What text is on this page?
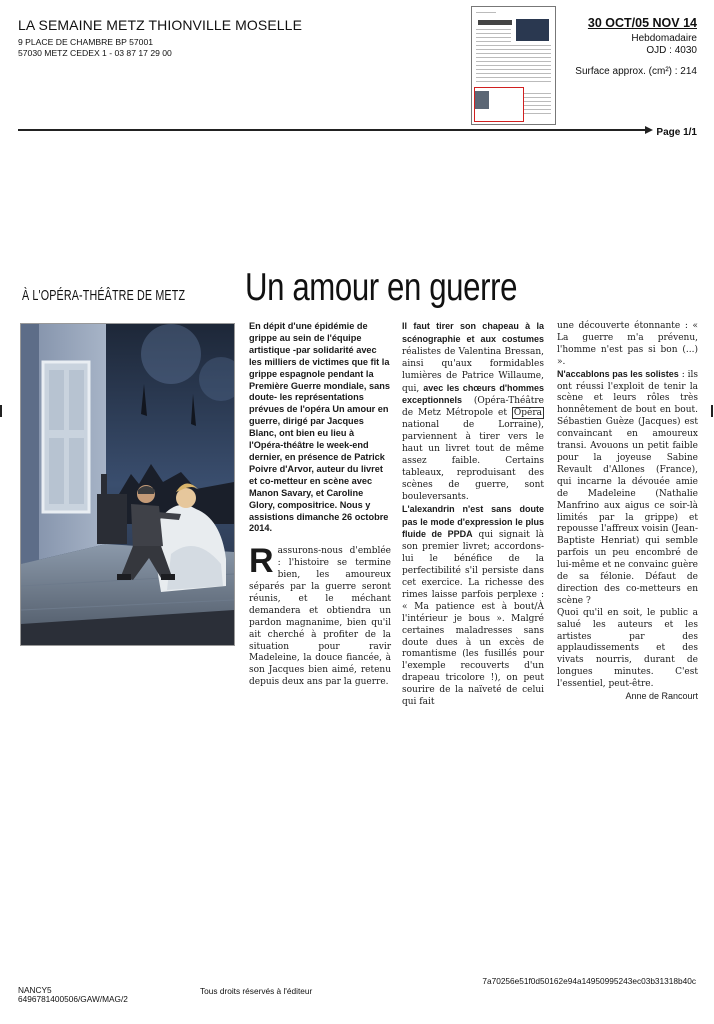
LA SEMAINE METZ THIONVILLE MOSELLE
9 PLACE DE CHAMBRE BP 57001
57030 METZ CEDEX 1 - 03 87 17 29 00
30 OCT/05 NOV 14
Hebdomadaire
OJD : 4030
Surface approx. (cm²) : 214
Page 1/1
À L'OPÉRA-THÉÂTRE DE METZ Un amour en guerre

En dépit d'une épidémie de grippe au sein de l'équipe artistique -par solidarité avec les milliers de victimes que fit la grippe espagnole pendant la Première Guerre mondiale, sans doute- les représentations prévues de l'opéra Un amour en guerre, dirigé par Jacques Blanc, ont bien eu lieu à l'Opéra-théâtre le week-end dernier, en présence de Patrick Poivre d'Arvor, auteur du livret et co-metteur en scène avec Manon Savary, et Caroline Glory, compositrice. Nous y assistions dimanche 26 octobre 2014.

Rassurons-nous d'emblée : l'histoire se termine bien, les amoureux séparés par la guerre seront réunis, et le méchant demandera et obtiendra un pardon magnanime, bien qu'il ait cherché à profiter de la situation pour ravir Madeleine, la douce fiancée, à son Jacques bien aimé, retenu depuis deux ans par la guerre.

Il faut tirer son chapeau à la scénographie et aux costumes réalistes de Valentina Bressan, ainsi qu'aux formidables lumières de Patrice Willaume, qui, avec les chœurs d'hommes exceptionnels (Opéra-Théâtre de Metz Métropole et Opéra national de Lorraine), parviennent à tirer vers le haut un livret tout de même assez faible. Certains tableaux, reproduisant des scènes de guerre, sont bouleversants.

L'alexandrin n'est sans doute pas le mode d'expression le plus fluide de PPDA qui signait là son premier livret; accordons-lui le bénéfice de la perfectibilité s'il persiste dans cet exercice. La richesse des rimes laisse parfois perplexe : « Ma patience est à bout/À l'intérieur je bous ». Malgré certaines maladresses sans doute dues à un excès de romantisme (les fusillés pour l'exemple recouverts d'un drapeau tricolore !), on peut sourire de la naïveté de celui qui fait

une découverte étonnante : « La guerre m'a prévenu, l'homme n'est pas si bon (...) ».

N'accablons pas les solistes : ils ont réussi l'exploit de tenir la scène et leurs rôles très honnêtement de bout en bout. Sébastien Guèze (Jacques) est convaincant en amoureux transi. Avouons un petit faible pour la joyeuse Sabine Revault d'Allones (France), qui incarne la dévouée amie de Madeleine (Nathalie Manfrino aux aigus ce soir-là limités par la grippe) et repousse l'affreux voisin (Jean-Baptiste Henriat) qui semble parfois un peu encombré de lui-même et ne convainc guère de sa félonie. Défaut de direction des co-metteurs en scène ?

Quoi qu'il en soit, le public a salué les auteurs et les artistes par des applaudissements et des vivats nourris, durant de longues minutes. C'est l'essentiel, peut-être.

Anne de Rancourt

NANCY5
6496781400506/GAW/MAG/2
Tous droits réservés à l'éditeur
7a70256e51f0d50162e94a14950995243ec03b31318b40c
